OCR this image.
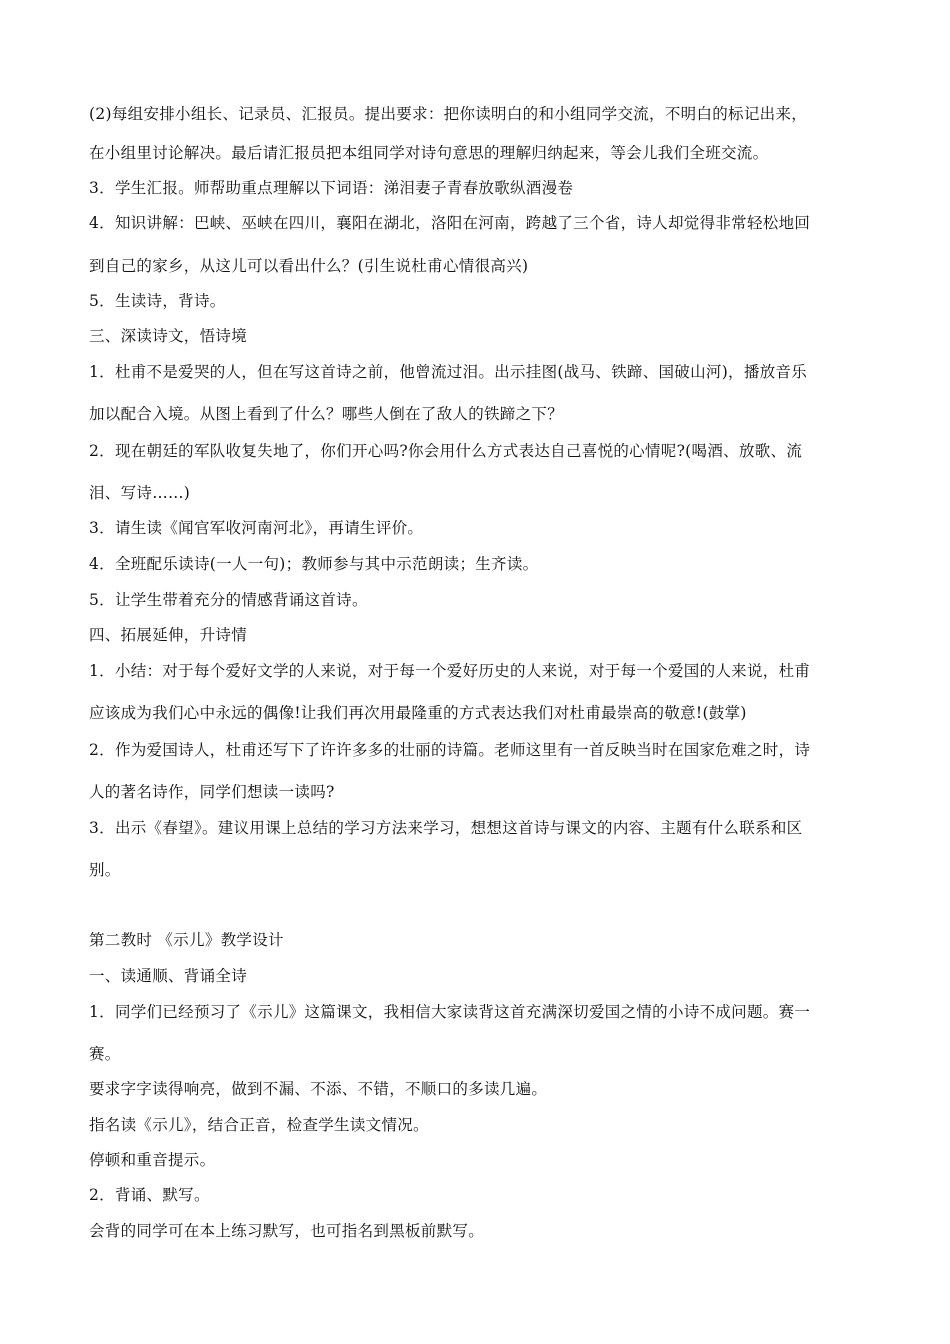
(2)每组安排小组长、记录员、汇报员。提出要求：把你读明白的和小组同学交流，不明白的标记出来，
在小组里讨论解决。最后请汇报员把本组同学对诗句意思的理解归纳起来，等会儿我们全班交流。
3．学生汇报。师帮助重点理解以下词语：涕泪妻子青春放歌纵酒漫卷
4．知识讲解：巴峡、巫峡在四川，襄阳在湖北，洛阳在河南，跨越了三个省，诗人却觉得非常轻松地回
到自己的家乡，从这儿可以看出什么？(引生说杜甫心情很高兴)
5．生读诗，背诗。
三、深读诗文，悟诗境
1．杜甫不是爱哭的人，但在写这首诗之前，他曾流过泪。出示挂图(战马、铁蹄、国破山河)，播放音乐
加以配合入境。从图上看到了什么？哪些人倒在了敌人的铁蹄之下？
2．现在朝廷的军队收复失地了，你们开心吗?你会用什么方式表达自己喜悦的心情呢?(喝酒、放歌、流
泪、写诗……)
3．请生读《闻官军收河南河北》，再请生评价。
4．全班配乐读诗(一人一句)；教师参与其中示范朗读；生齐读。
5．让学生带着充分的情感背诵这首诗。
四、拓展延伸，升诗情
1．小结：对于每个爱好文学的人来说，对于每一个爱好历史的人来说，对于每一个爱国的人来说，杜甫
应该成为我们心中永远的偶像!让我们再次用最隆重的方式表达我们对杜甫最崇高的敬意!(鼓掌)
2．作为爱国诗人，杜甫还写下了许许多多的壮丽的诗篇。老师这里有一首反映当时在国家危难之时，诗
人的著名诗作，同学们想读一读吗?
3．出示《春望》。建议用课上总结的学习方法来学习，想想这首诗与课文的内容、主题有什么联系和区
别。
第二教时 《示儿》教学设计
一、读通顺、背诵全诗
1．同学们已经预习了《示儿》这篇课文，我相信大家读背这首充满深切爱国之情的小诗不成问题。赛一
赛。
要求字字读得响亮，做到不漏、不添、不错，不顺口的多读几遍。
指名读《示儿》，结合正音，检查学生读文情况。
停顿和重音提示。
2．背诵、默写。
会背的同学可在本上练习默写，也可指名到黑板前默写。
